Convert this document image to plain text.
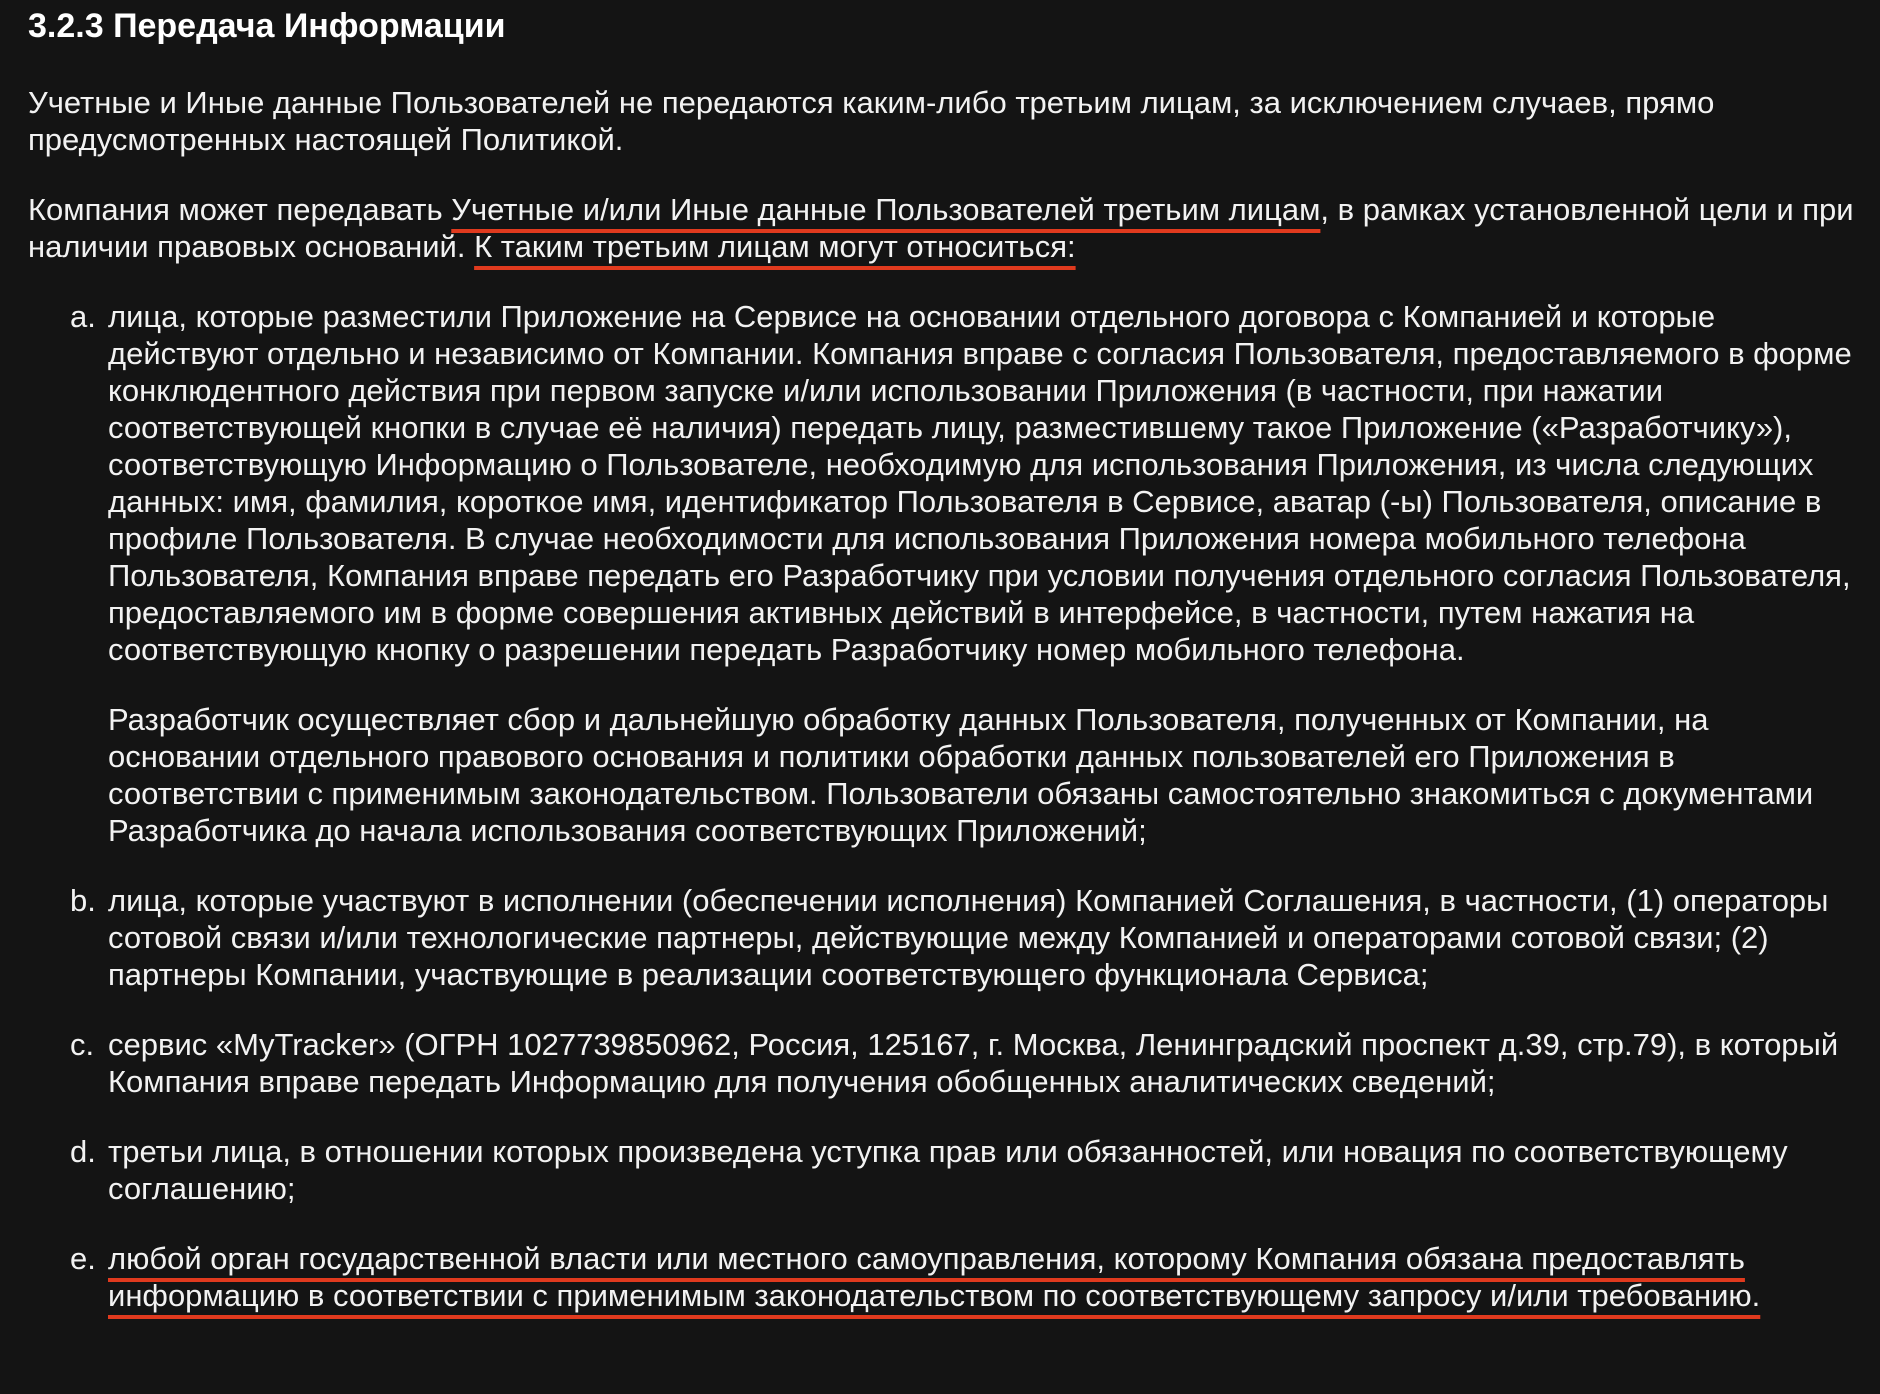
3.2.3 Передача Информации

Учетные и Иные данные Пользователей не передаются каким-либо третьим лицам, за исключением случаев, прямо предусмотренных настоящей Политикой.

Компания может передавать Учетные и/или Иные данные Пользователей третьим лицам, в рамках установленной цели и при наличии правовых оснований. К таким третьим лицам могут относиться:

a. лица, которые разместили Приложение на Сервисе на основании отдельного договора с Компанией и которые действуют отдельно и независимо от Компании. Компания вправе с согласия Пользователя, предоставляемого в форме конклюдентного действия при первом запуске и/или использовании Приложения (в частности, при нажатии соответствующей кнопки в случае её наличия) передать лицу, разместившему такое Приложение («Разработчику»), соответствующую Информацию о Пользователе, необходимую для использования Приложения, из числа следующих данных: имя, фамилия, короткое имя, идентификатор Пользователя в Сервисе, аватар (-ы) Пользователя, описание в профиле Пользователя. В случае необходимости для использования Приложения номера мобильного телефона Пользователя, Компания вправе передать его Разработчику при условии получения отдельного согласия Пользователя, предоставляемого им в форме совершения активных действий в интерфейсе, в частности, путем нажатия на соответствующую кнопку о разрешении передать Разработчику номер мобильного телефона.
Разработчик осуществляет сбор и дальнейшую обработку данных Пользователя, полученных от Компании, на основании отдельного правового основания и политики обработки данных пользователей его Приложения в соответствии с применимым законодательством. Пользователи обязаны самостоятельно знакомиться с документами Разработчика до начала использования соответствующих Приложений;
b. лица, которые участвуют в исполнении (обеспечении исполнения) Компанией Соглашения, в частности, (1) операторы сотовой связи и/или технологические партнеры, действующие между Компанией и операторами сотовой связи; (2) партнеры Компании, участвующие в реализации соответствующего функционала Сервиса;
c. сервис «MyTracker» (ОГРН 1027739850962, Россия, 125167, г. Москва, Ленинградский проспект д.39, стр.79), в который Компания вправе передать Информацию для получения обобщенных аналитических сведений;
d. третьи лица, в отношении которых произведена уступка прав или обязанностей, или новация по соответствующему соглашению;
e. любой орган государственной власти или местного самоуправления, которому Компания обязана предоставлять информацию в соответствии с применимым законодательством по соответствующему запросу и/или требованию.
